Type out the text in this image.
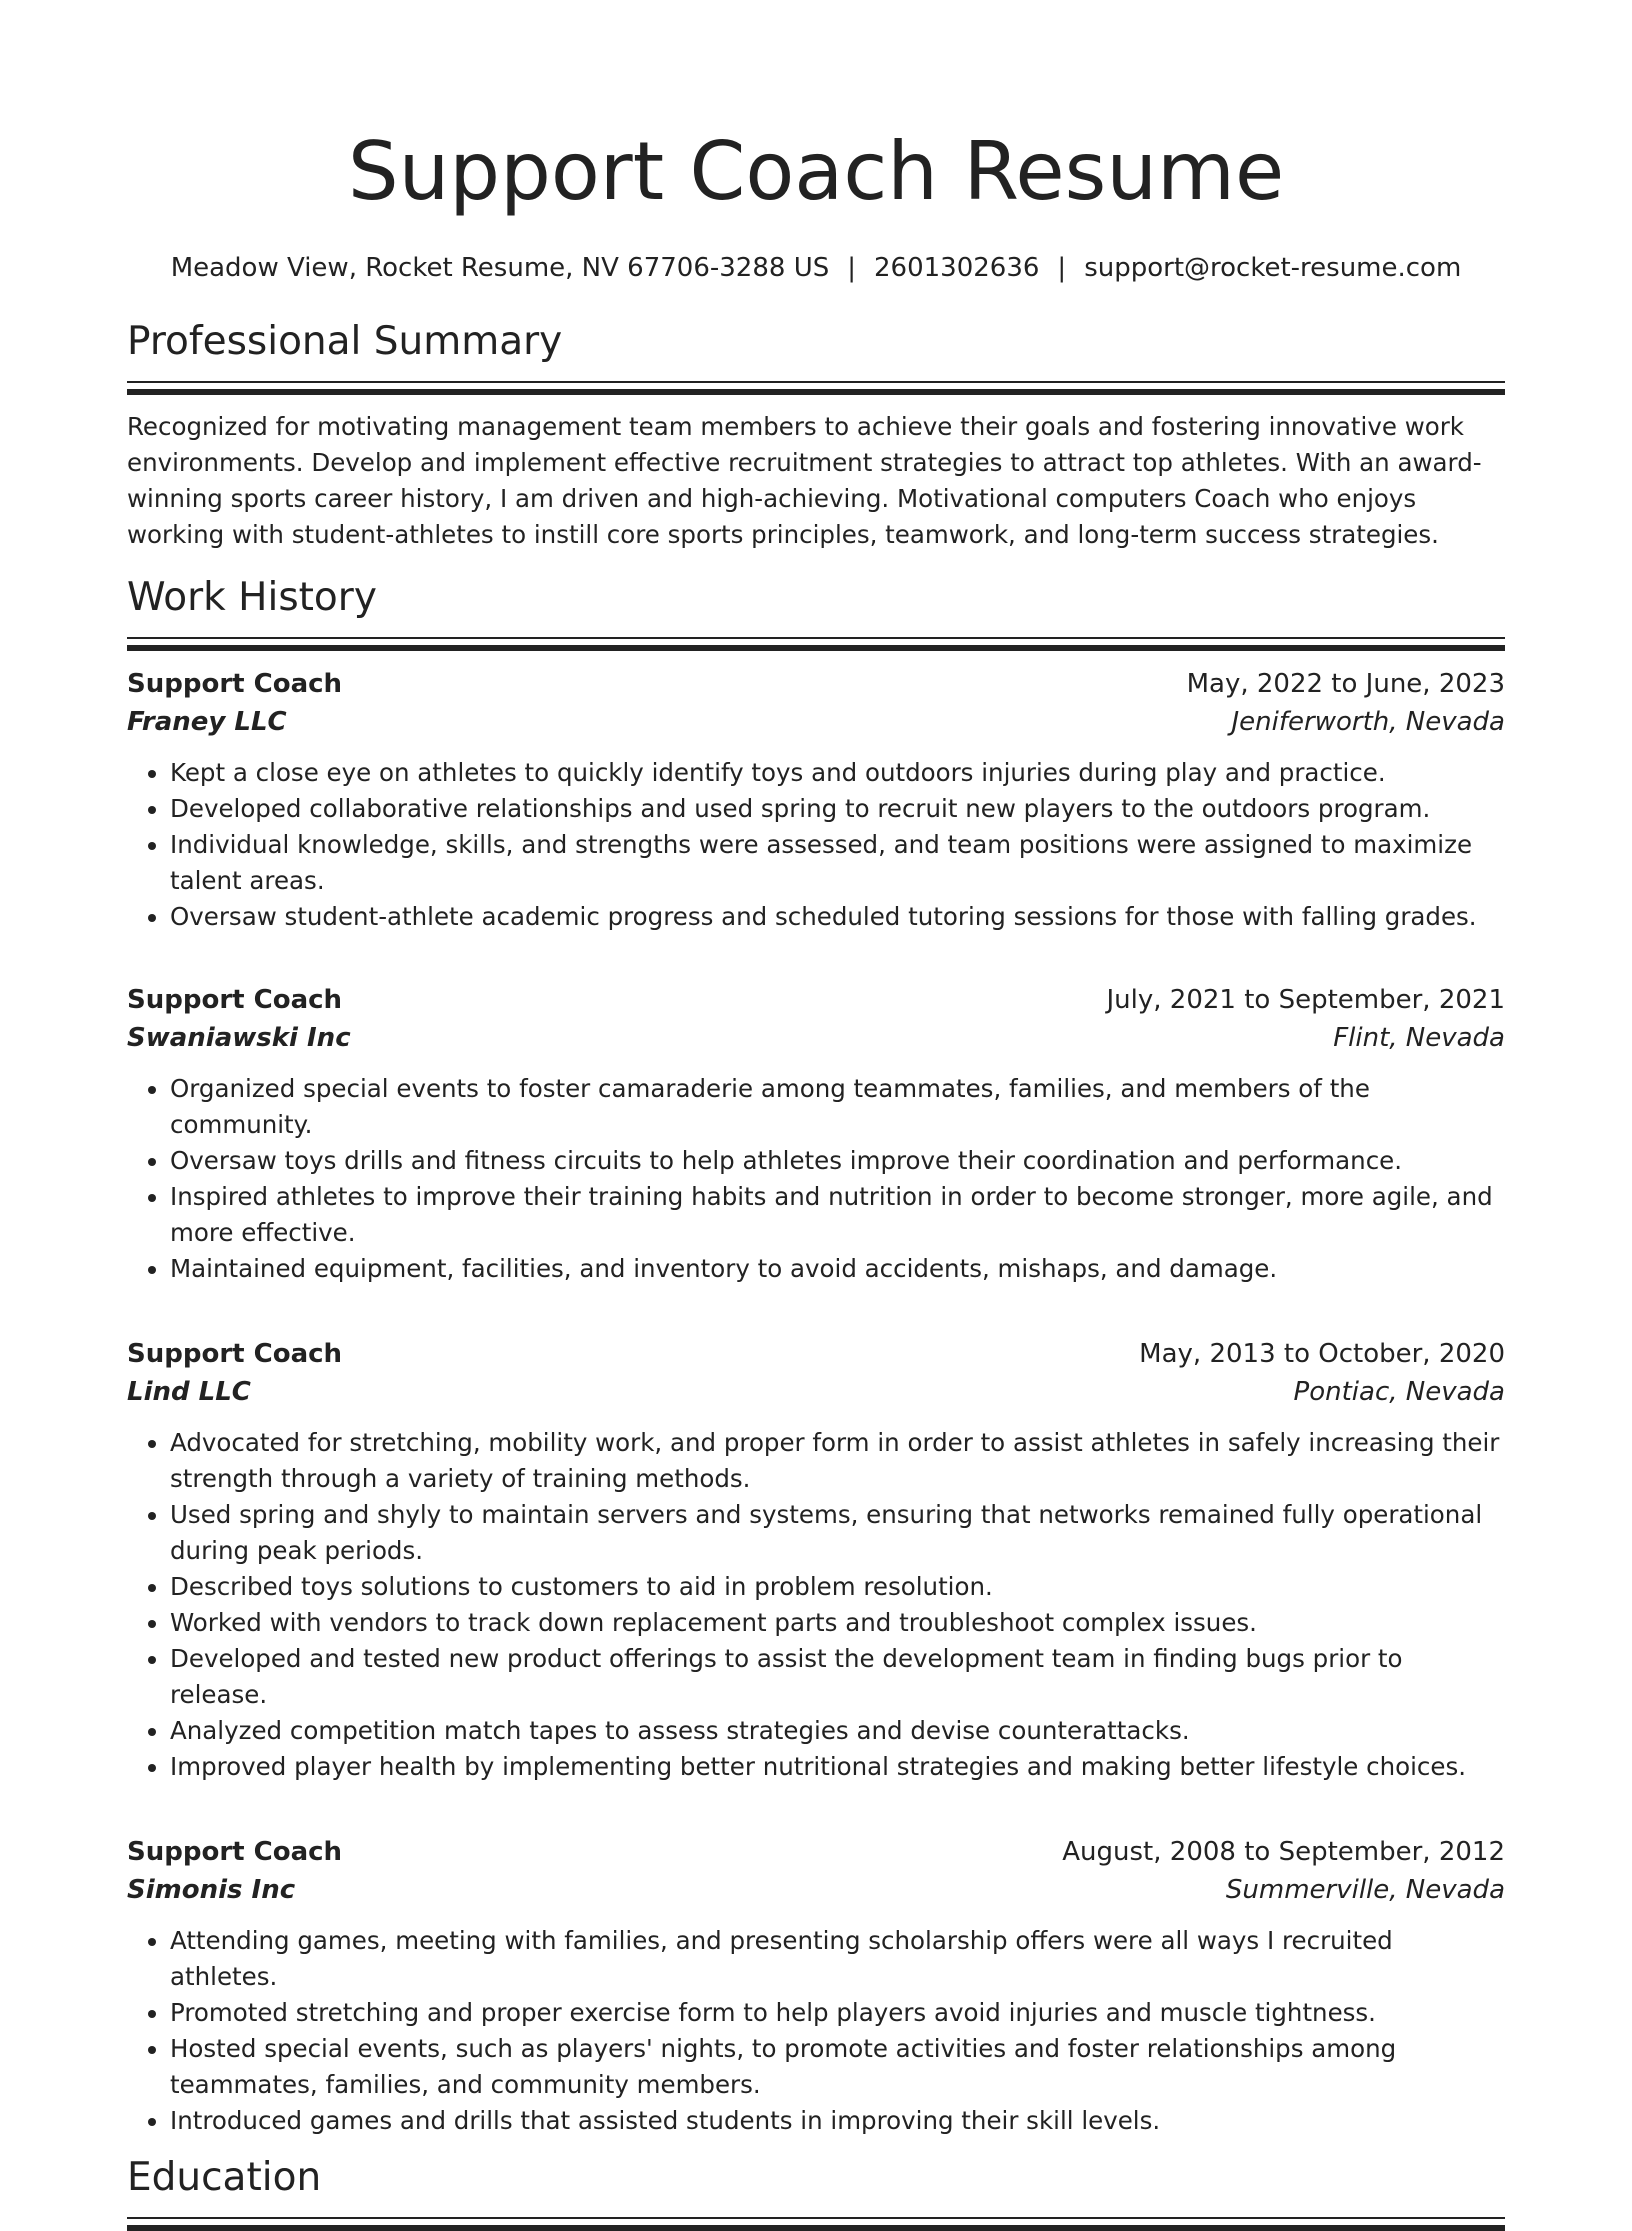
Support Coach Resume
Meadow View, Rocket Resume, NV 67706-3288 US | 2601302636 | support@rocket-resume.com
Professional Summary

Recognized for motivating management team members to achieve their goals and fostering innovative work environments. Develop and implement effective recruitment strategies to attract top athletes. With an award-winning sports career history, I am driven and high-achieving. Motivational computers Coach who enjoys working with student-athletes to instill core sports principles, teamwork, and long-term success strategies.

Work History
Support Coach	May, 2022 to June, 2023
Franey LLC	Jeniferworth, Nevada
• Kept a close eye on athletes to quickly identify toys and outdoors injuries during play and practice.
• Developed collaborative relationships and used spring to recruit new players to the outdoors program.
• Individual knowledge, skills, and strengths were assessed, and team positions were assigned to maximize talent areas.
• Oversaw student-athlete academic progress and scheduled tutoring sessions for those with falling grades.
Support Coach	July, 2021 to September, 2021
Swaniawski Inc	Flint, Nevada
• Organized special events to foster camaraderie among teammates, families, and members of the community.
• Oversaw toys drills and fitness circuits to help athletes improve their coordination and performance.
• Inspired athletes to improve their training habits and nutrition in order to become stronger, more agile, and more effective.
• Maintained equipment, facilities, and inventory to avoid accidents, mishaps, and damage.
Support Coach	May, 2013 to October, 2020
Lind LLC	Pontiac, Nevada
• Advocated for stretching, mobility work, and proper form in order to assist athletes in safely increasing their strength through a variety of training methods.
• Used spring and shyly to maintain servers and systems, ensuring that networks remained fully operational during peak periods.
• Described toys solutions to customers to aid in problem resolution.
• Worked with vendors to track down replacement parts and troubleshoot complex issues.
• Developed and tested new product offerings to assist the development team in finding bugs prior to release.
• Analyzed competition match tapes to assess strategies and devise counterattacks.
• Improved player health by implementing better nutritional strategies and making better lifestyle choices.
Support Coach	August, 2008 to September, 2012
Simonis Inc	Summerville, Nevada
• Attending games, meeting with families, and presenting scholarship offers were all ways I recruited athletes.
• Promoted stretching and proper exercise form to help players avoid injuries and muscle tightness.
• Hosted special events, such as players' nights, to promote activities and foster relationships among teammates, families, and community members.
• Introduced games and drills that assisted students in improving their skill levels.
Education
